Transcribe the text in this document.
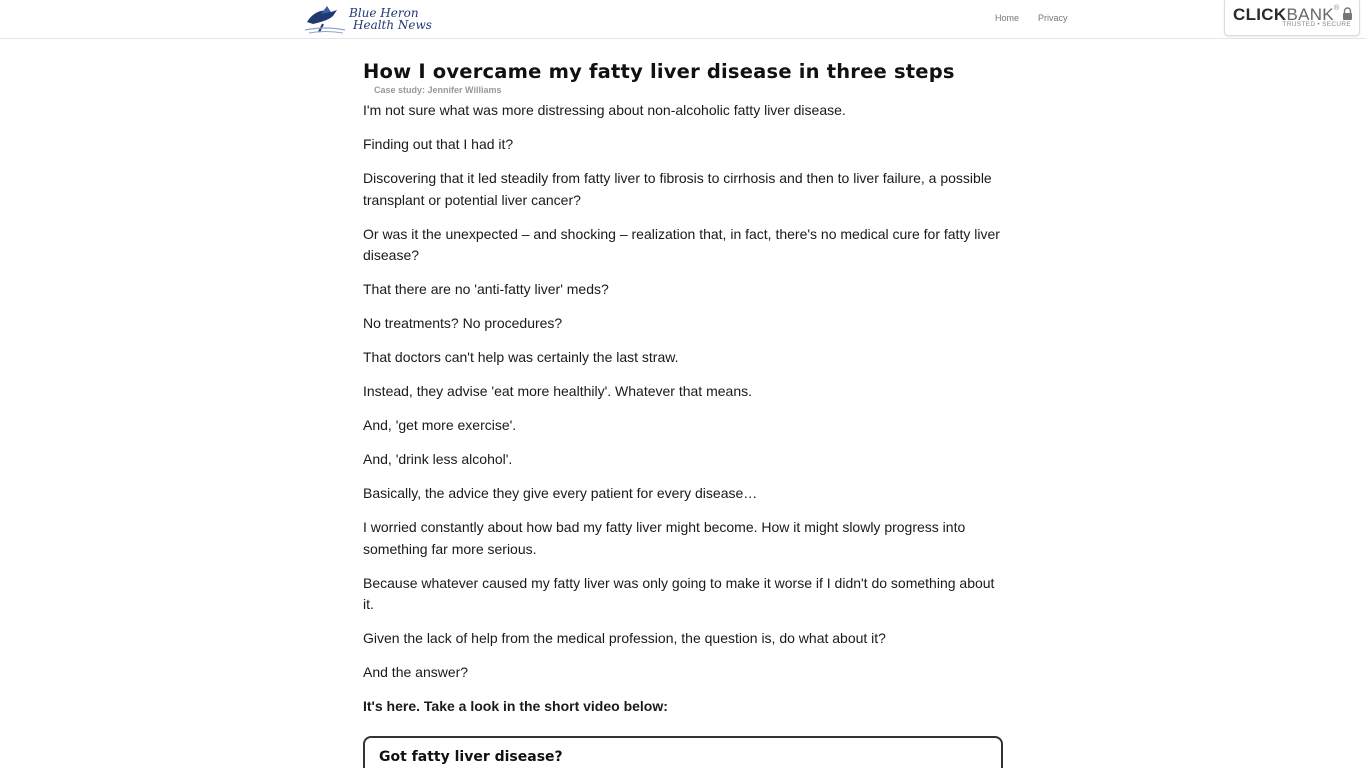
Blue Heron
Health News	Home Privacy	CLICKBANK®
TRUSTED • SECURE
How I overcame my fatty liver disease in three steps
Case study: Jennifer Williams

I'm not sure what was more distressing about non-alcoholic fatty liver disease.

Finding out that I had it?

Discovering that it led steadily from fatty liver to fibrosis to cirrhosis and then to liver failure, a possible transplant or potential liver cancer?

Or was it the unexpected – and shocking – realization that, in fact, there's no medical cure for fatty liver disease?

That there are no 'anti-fatty liver' meds?

No treatments? No procedures?

That doctors can't help was certainly the last straw.

Instead, they advise 'eat more healthily'. Whatever that means.

And, 'get more exercise'.

And, 'drink less alcohol'.

Basically, the advice they give every patient for every disease…

I worried constantly about how bad my fatty liver might become. How it might slowly progress into something far more serious.

Because whatever caused my fatty liver was only going to make it worse if I didn't do something about it.

Given the lack of help from the medical profession, the question is, do what about it?

And the answer?

It's here. Take a look in the short video below:

Got fatty liver disease?
